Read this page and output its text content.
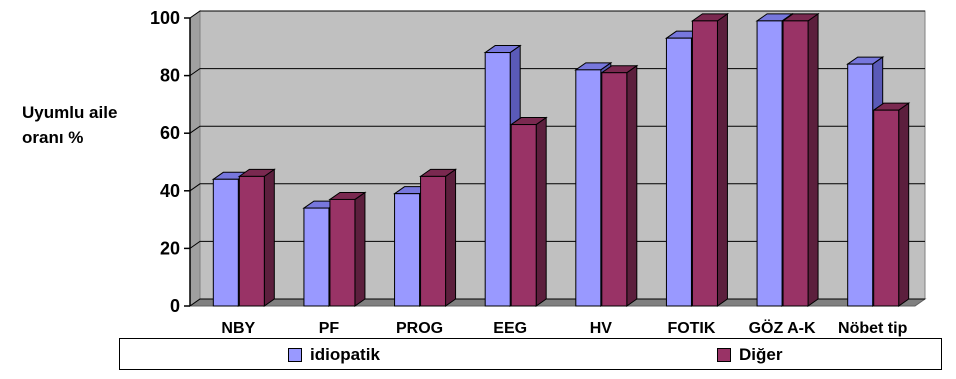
0
20
40
60
80
100
NBY	PF	PROG	EEG	HV	FOTIK GÖZ A-K Nöbet tip
Uyumlu aile
oranı %
idiopatik	Diğer
